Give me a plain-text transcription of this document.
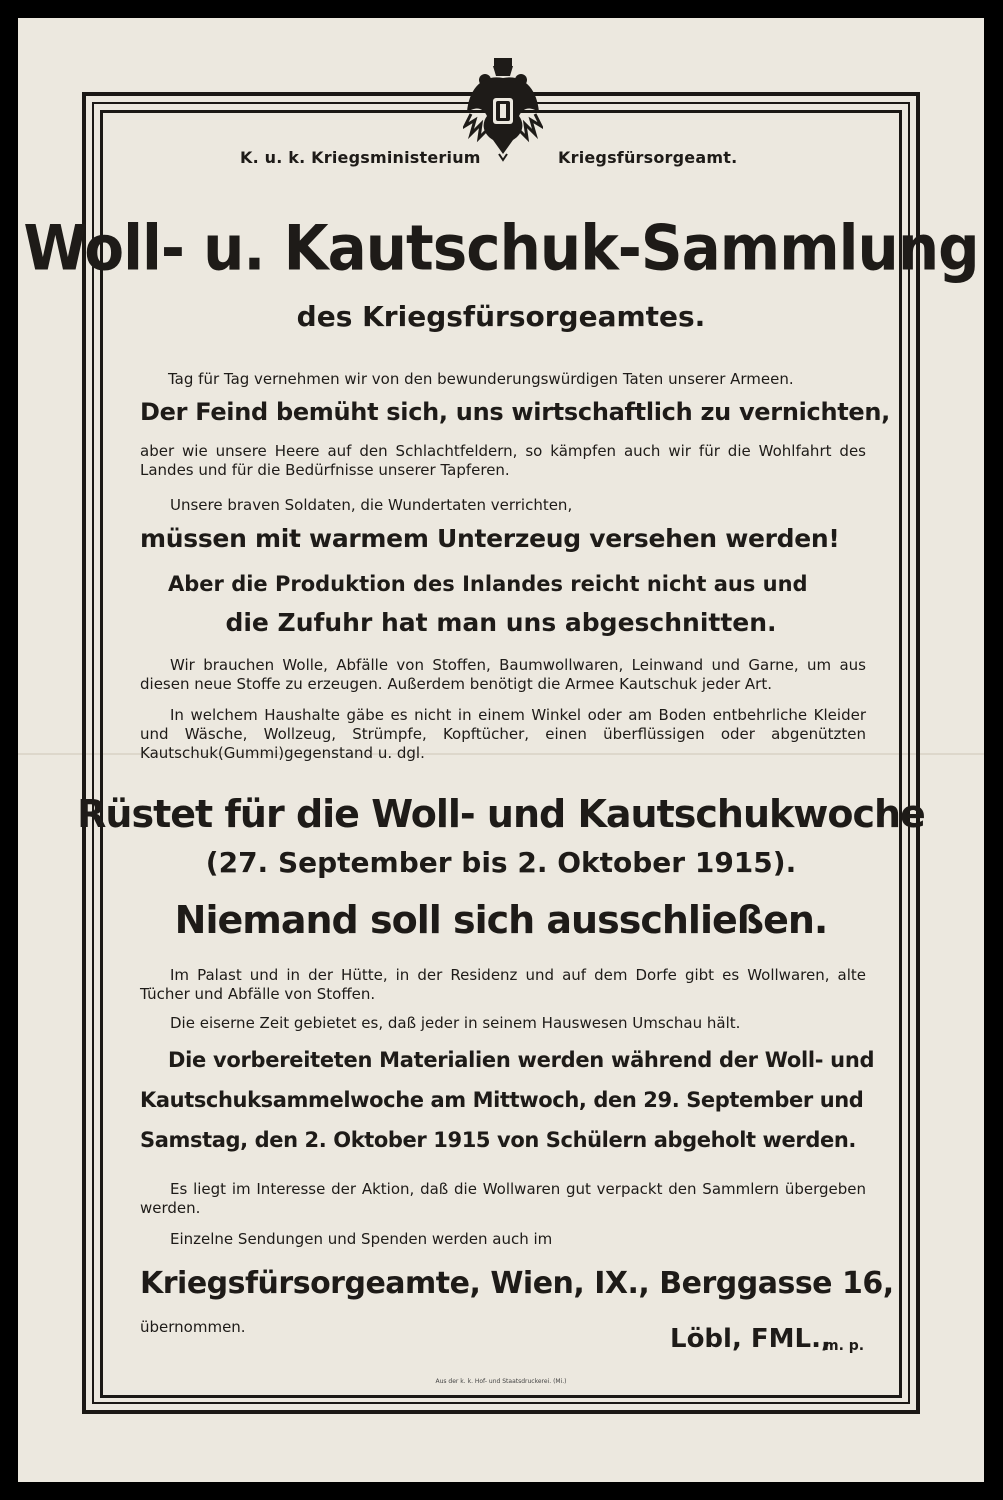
K. u. k. Kriegsministerium	Kriegsfürsorgeamt.
Woll- u. Kautschuk-Sammlung
des Kriegsfürsorgeamtes.
Tag für Tag vernehmen wir von den bewunderungswürdigen Taten unserer Armeen.
Der Feind bemüht sich, uns wirtschaftlich zu vernichten,
aber wie unsere Heere auf den Schlachtfeldern, so kämpfen auch wir für die Wohlfahrt des Landes und für die Bedürfnisse unserer Tapferen.
Unsere braven Soldaten, die Wundertaten verrichten,
müssen mit warmem Unterzeug versehen werden!
Aber die Produktion des Inlandes reicht nicht aus und
die Zufuhr hat man uns abgeschnitten.
Wir brauchen Wolle, Abfälle von Stoffen, Baumwollwaren, Leinwand und Garne, um aus diesen neue Stoffe zu erzeugen. Außerdem benötigt die Armee Kautschuk jeder Art.
In welchem Haushalte gäbe es nicht in einem Winkel oder am Boden entbehrliche Kleider und Wäsche, Wollzeug, Strümpfe, Kopftücher, einen überflüssigen oder abgenützten Kautschuk(Gummi)gegenstand u. dgl.
Rüstet für die Woll- und Kautschukwoche
(27. September bis 2. Oktober 1915).
Niemand soll sich ausschließen.
Im Palast und in der Hütte, in der Residenz und auf dem Dorfe gibt es Wollwaren, alte Tücher und Abfälle von Stoffen.
Die eiserne Zeit gebietet es, daß jeder in seinem Hauswesen Umschau hält.
Die vorbereiteten Materialien werden während der Woll- und
Kautschuksammelwoche am Mittwoch, den 29. September und
Samstag, den 2. Oktober 1915 von Schülern abgeholt werden.
Es liegt im Interesse der Aktion, daß die Wollwaren gut verpackt den Sammlern übergeben werden.
Einzelne Sendungen und Spenden werden auch im
Kriegsfürsorgeamte, Wien, IX., Berggasse 16,
übernommen.	Löbl, FML.,
m. p.
Aus der k. k. Hof- und Staatsdruckerei. (Mi.)
